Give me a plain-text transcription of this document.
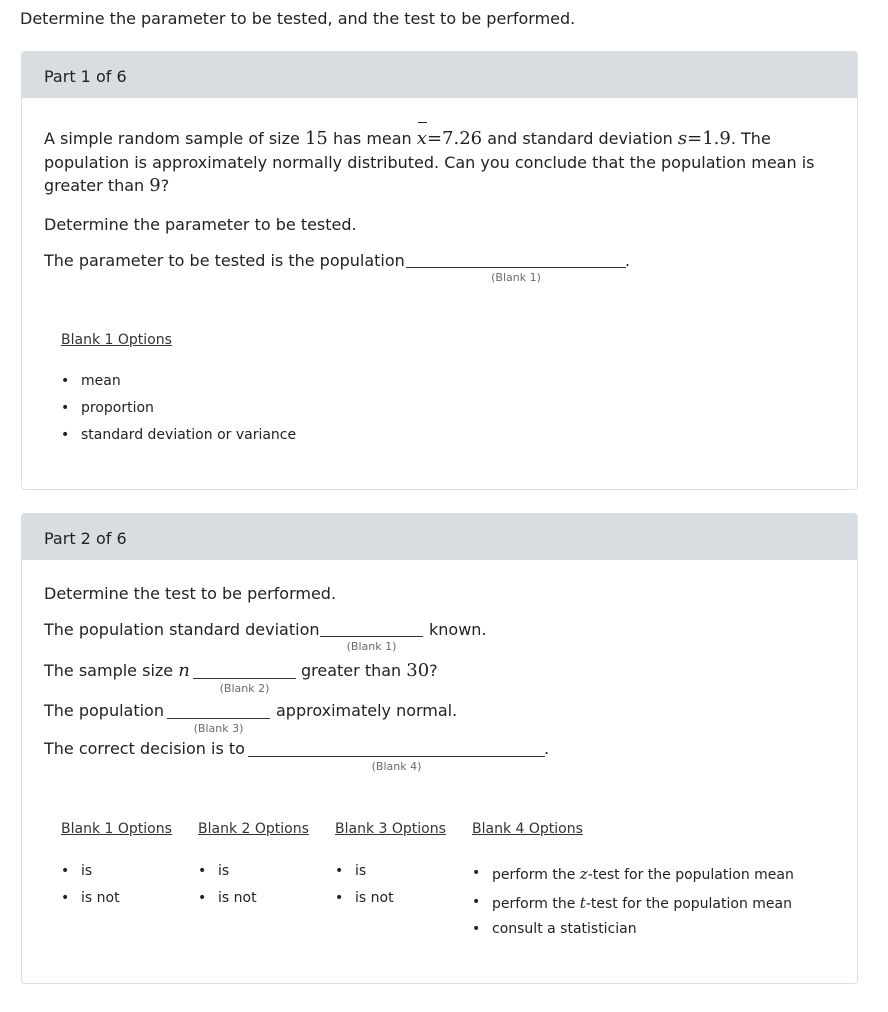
Determine the parameter to be tested, and the test to be performed.
Part 1 of 6
A simple random sample of size 15 has mean x=7.26 and standard deviation s=1.9. The
population is approximately normally distributed. Can you conclude that the population mean is
greater than 9?
Determine the parameter to be tested.
The parameter to be tested is the population	.
(Blank 1)
Blank 1 Options
• mean
• proportion
• standard deviation or variance
Part 2 of 6
Determine the test to be performed.
The population standard deviation	known.
(Blank 1)
The sample size n	greater than 30?
(Blank 2)
The population	approximately normal.
(Blank 3)
The correct decision is to	.
(Blank 4)
Blank 1 Options
• is
• is not
Blank 2 Options
• is
• is not
Blank 3 Options
• is
• is not
Blank 4 Options
• perform the z-test for the population mean
• perform the t-test for the population mean
• consult a statistician
